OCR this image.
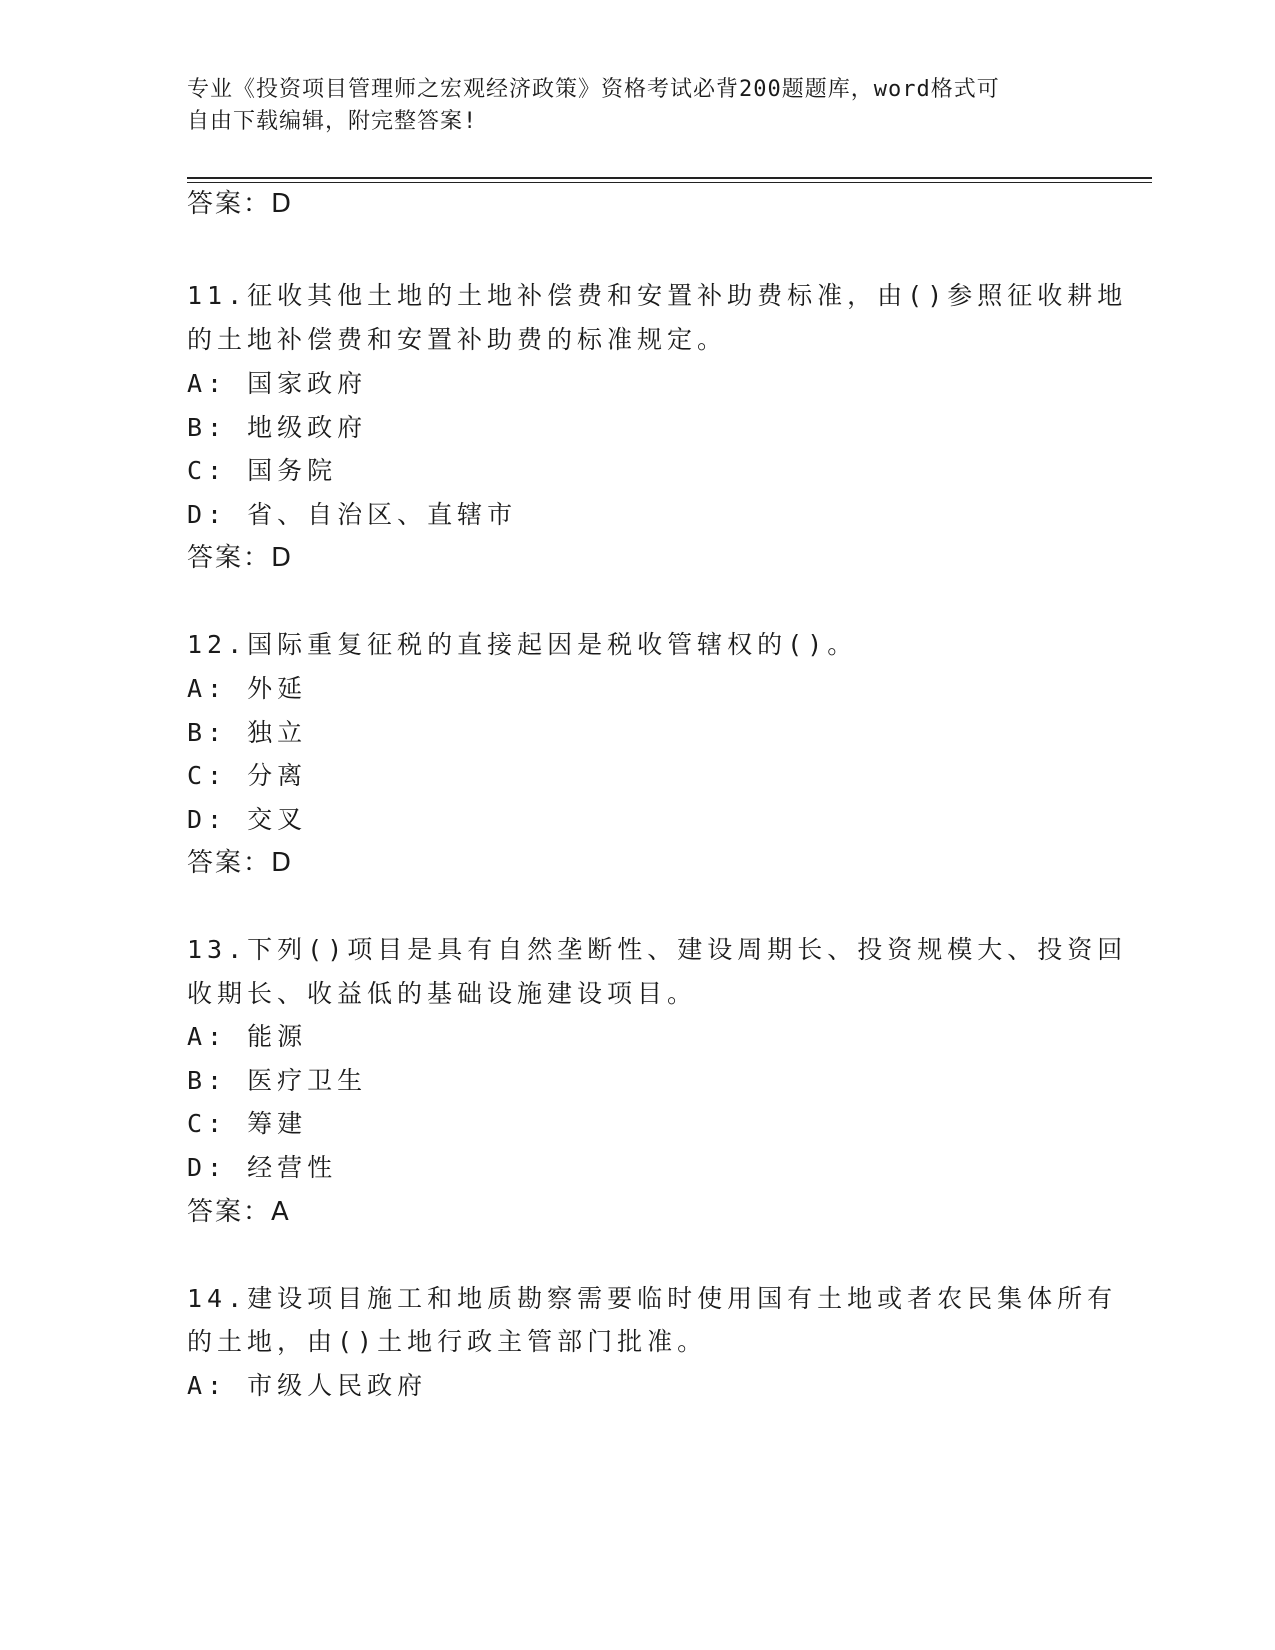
专业《投资项目管理师之宏观经济政策》资格考试必背200题题库，word格式可
自由下载编辑，附完整答案!
答案：D
11.征收其他土地的土地补偿费和安置补助费标准，由()参照征收耕地
的土地补偿费和安置补助费的标准规定。
A: 国家政府
B: 地级政府
C: 国务院
D: 省、自治区、直辖市
答案：D
12.国际重复征税的直接起因是税收管辖权的()。
A: 外延
B: 独立
C: 分离
D: 交叉
答案：D
13.下列()项目是具有自然垄断性、建设周期长、投资规模大、投资回
收期长、收益低的基础设施建设项目。
A: 能源
B: 医疗卫生
C: 筹建
D: 经营性
答案：A
14.建设项目施工和地质勘察需要临时使用国有土地或者农民集体所有
的土地，由()土地行政主管部门批准。
A: 市级人民政府
